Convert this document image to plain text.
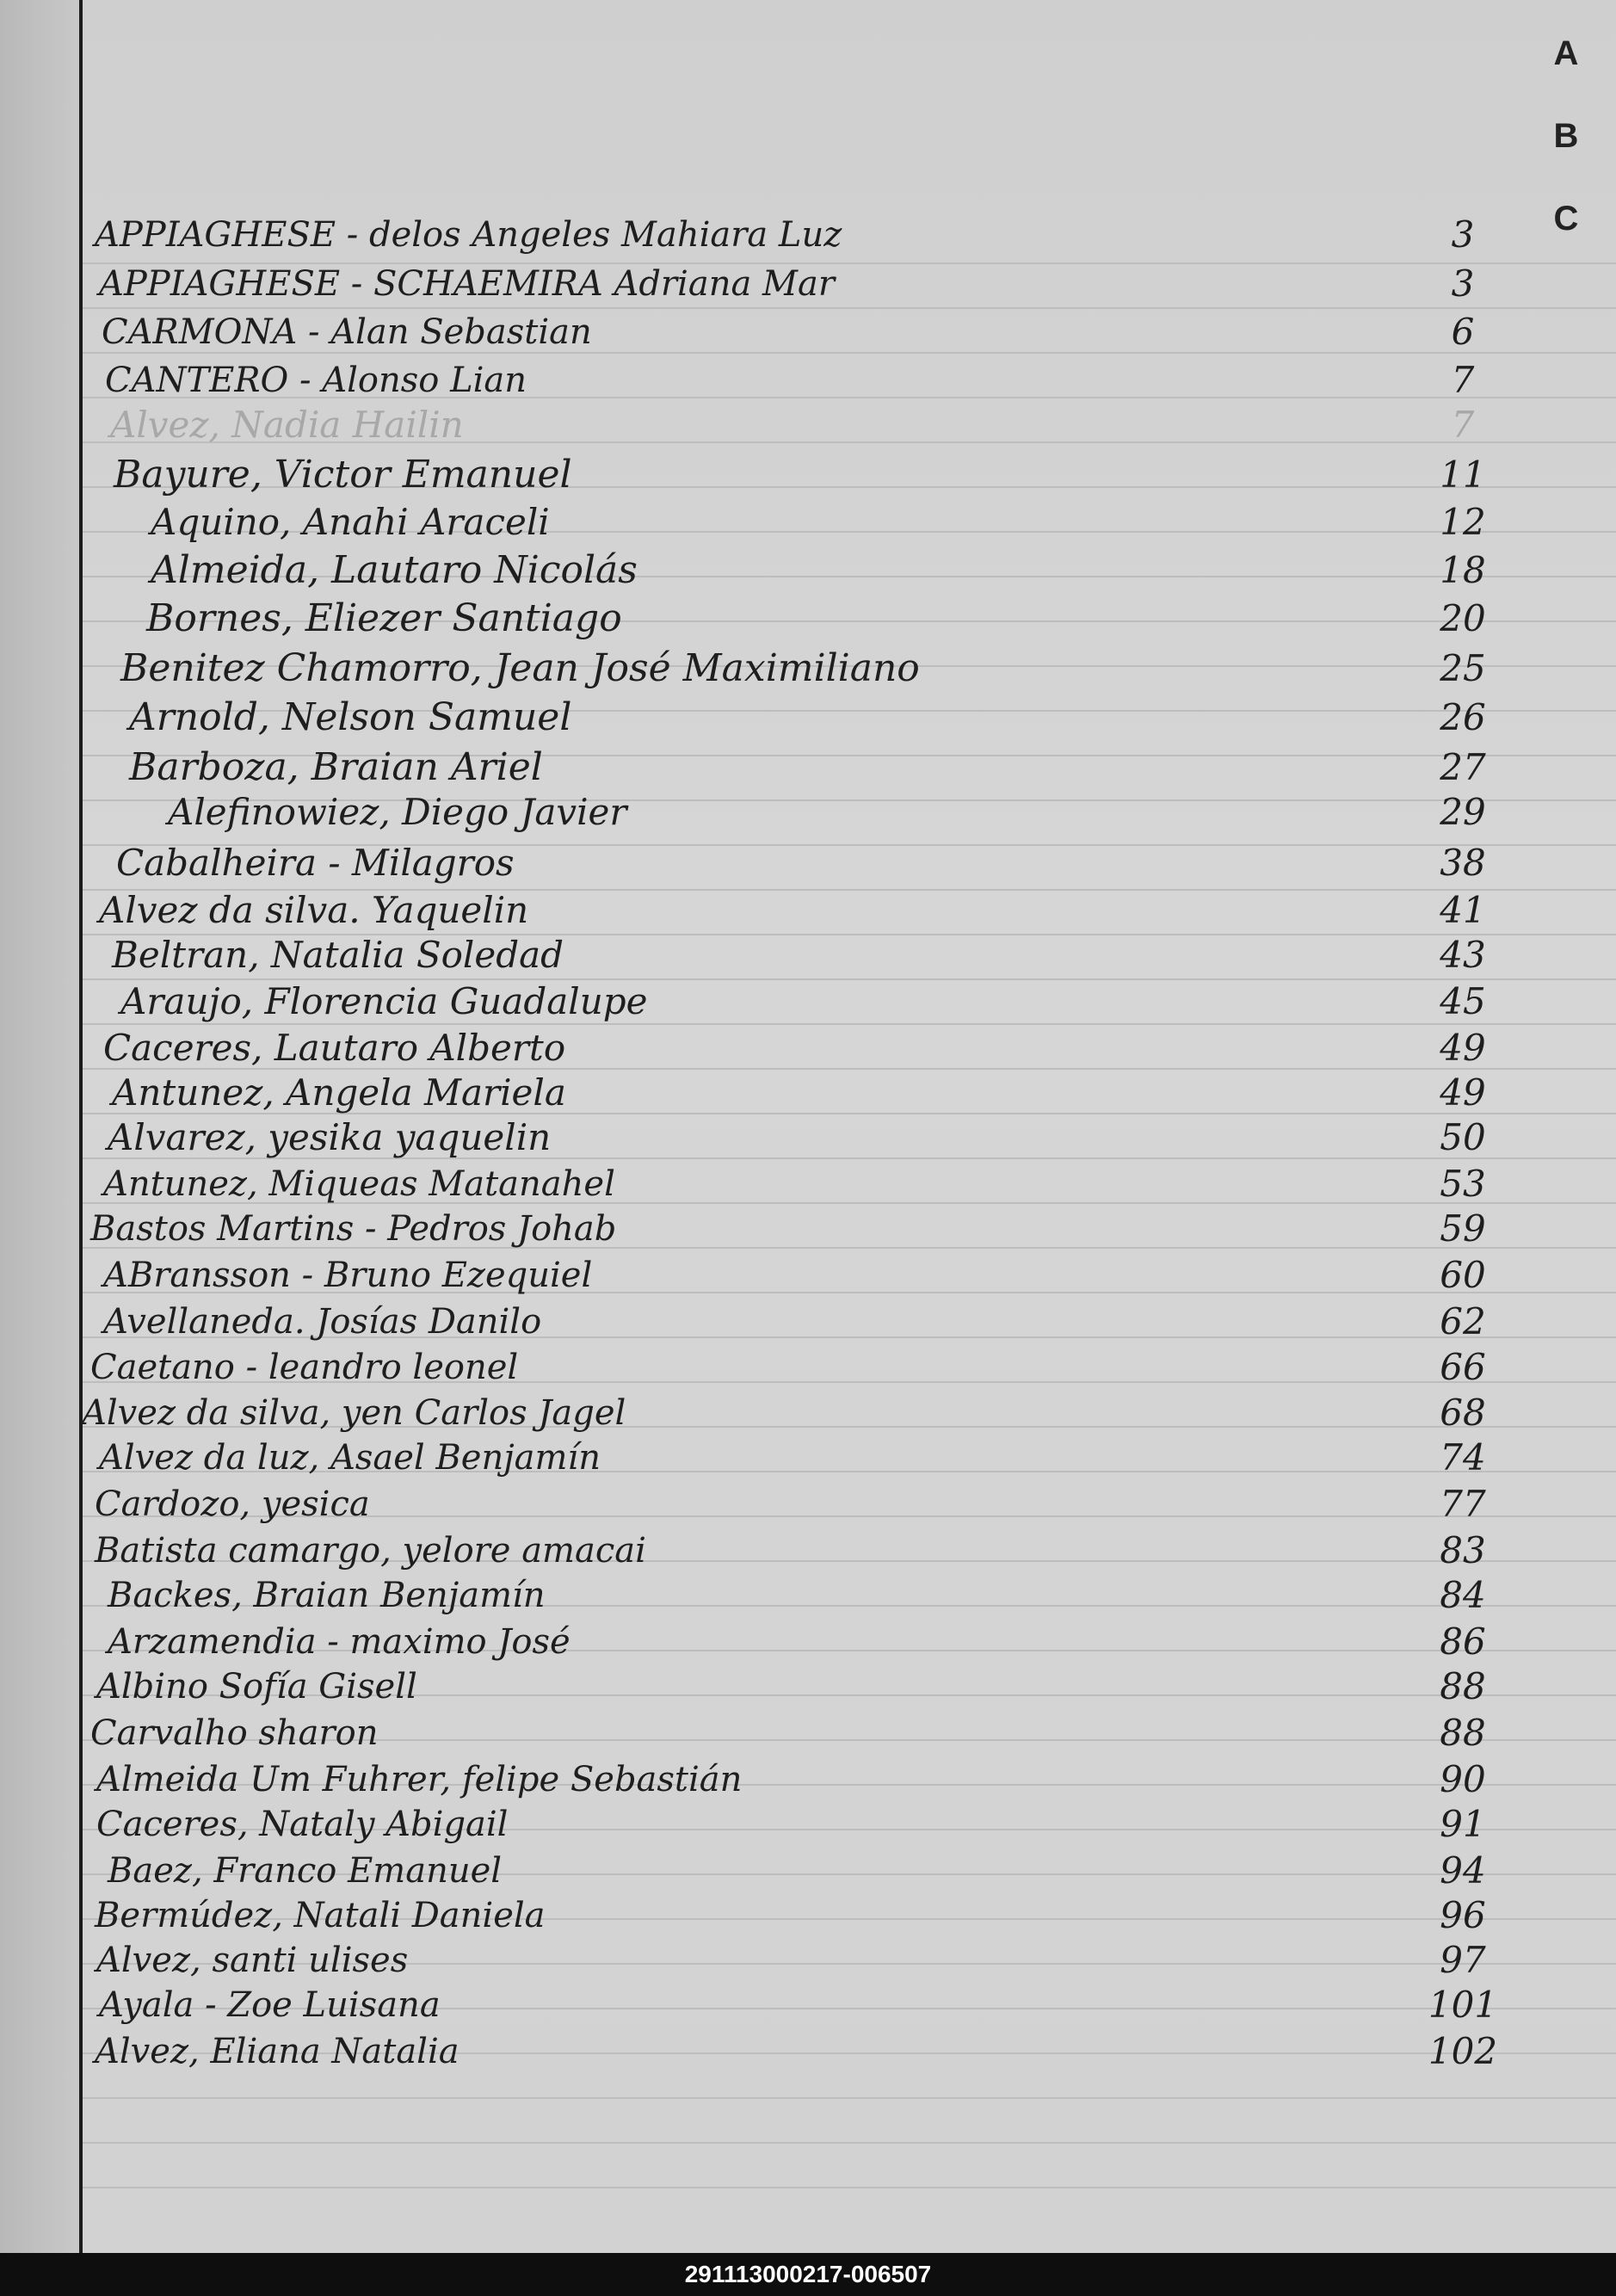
A
B
C
APPIAGHESE - delos Angeles Mahiara Luz	3
APPIAGHESE - SCHAEMIRA Adriana Mar	3
CARMONA - Alan Sebastian	6
CANTERO - Alonso Lian	7
Alvez, Nadia Hailin	7
Bayure, Victor Emanuel	11
Aquino, Anahi Araceli	12
Almeida, Lautaro Nicolás	18
Bornes, Eliezer Santiago	20
Benitez Chamorro, Jean José Maximiliano	25
Arnold, Nelson Samuel	26
Barboza, Braian Ariel	27
Alefinowiez, Diego Javier	29
Cabalheira - Milagros	38
Alvez da silva. Yaquelin	41
Beltran, Natalia Soledad	43
Araujo, Florencia Guadalupe	45
Caceres, Lautaro Alberto	49
Antunez, Angela Mariela	49
Alvarez, yesika yaquelin	50
Antunez, Miqueas Matanahel	53
Bastos Martins - Pedros Johab	59
ABransson - Bruno Ezequiel	60
Avellaneda. Josías Danilo	62
Caetano - leandro leonel	66
Alvez da silva, yen Carlos Jagel	68
Alvez da luz, Asael Benjamín	74
Cardozo, yesica	77
Batista camargo, yelore amacai	83
Backes, Braian Benjamín	84
Arzamendia - maximo José	86
Albino Sofía Gisell	88
Carvalho sharon	88
Almeida Um Fuhrer, felipe Sebastián	90
Caceres, Nataly Abigail	91
Baez, Franco Emanuel	94
Bermúdez, Natali Daniela	96
Alvez, santi ulises	97
Ayala - Zoe Luisana	101
Alvez, Eliana Natalia	102
291113000217-006507
